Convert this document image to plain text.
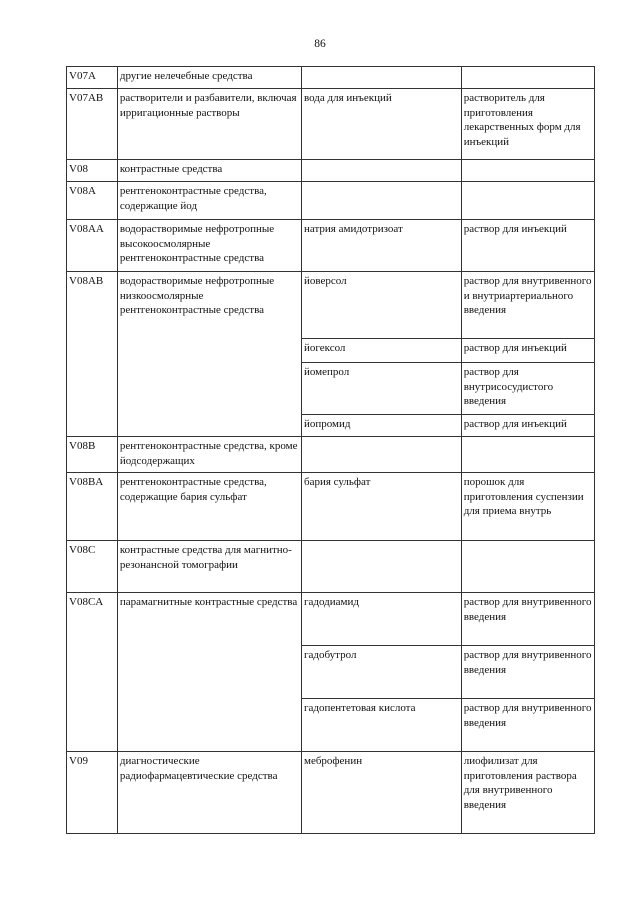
86
V07A	другие нелечебные средства		
V07AB	растворители и разбавители, включая ирригационные растворы	вода для инъекций	растворитель для приготовления лекарственных форм для инъекций
V08	контрастные средства		
V08A	рентгеноконтрастные средства, содержащие йод		
V08AA	водорастворимые нефротропные высокоосмолярные рентгеноконтрастные средства	натрия амидотризоат	раствор для инъекций
V08AB	водорастворимые нефротропные низкоосмолярные рентгеноконтрастные средства	йоверсол	раствор для внутривенного и внутриартериального введения
		йогексол	раствор для инъекций
		йомепрол	раствор для внутрисосудистого введения
		йопромид	раствор для инъекций
V08B	рентгеноконтрастные средства, кроме йодсодержащих		
V08BA	рентгеноконтрастные средства, содержащие бария сульфат	бария сульфат	порошок для приготовления суспензии для приема внутрь
V08C	контрастные средства для магнитно-резонансной томографии		
V08CA	парамагнитные контрастные средства	гадодиамид	раствор для внутривенного введения
		гадобутрол	раствор для внутривенного введения
		гадопентетовая кислота	раствор для внутривенного введения
V09	диагностические радиофармацевтические средства	меброфенин	лиофилизат для приготовления раствора для внутривенного введения
